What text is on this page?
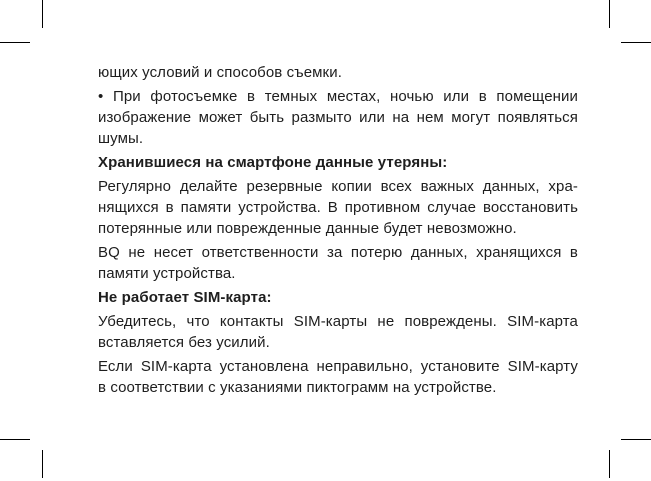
ющих условий и способов съемки.
• При фотосъемке в темных местах, ночью или в помещении
изображение может быть размыто или на нем могут появляться
шумы.
Хранившиеся на смартфоне данные утеряны:
Регулярно делайте резервные копии всех важных данных, хра-
нящихся в памяти устройства. В противном случае восстановить
потерянные или поврежденные данные будет невозможно.
BQ не несет ответственности за потерю данных, хранящихся в
памяти устройства.
Не работает SIM-карта:
Убедитесь, что контакты SIM-карты не повреждены. SIM-карта
вставляется без усилий.
Если SIM-карта установлена неправильно, установите SIM-карту
в соответствии с указаниями пиктограмм на устройстве.
